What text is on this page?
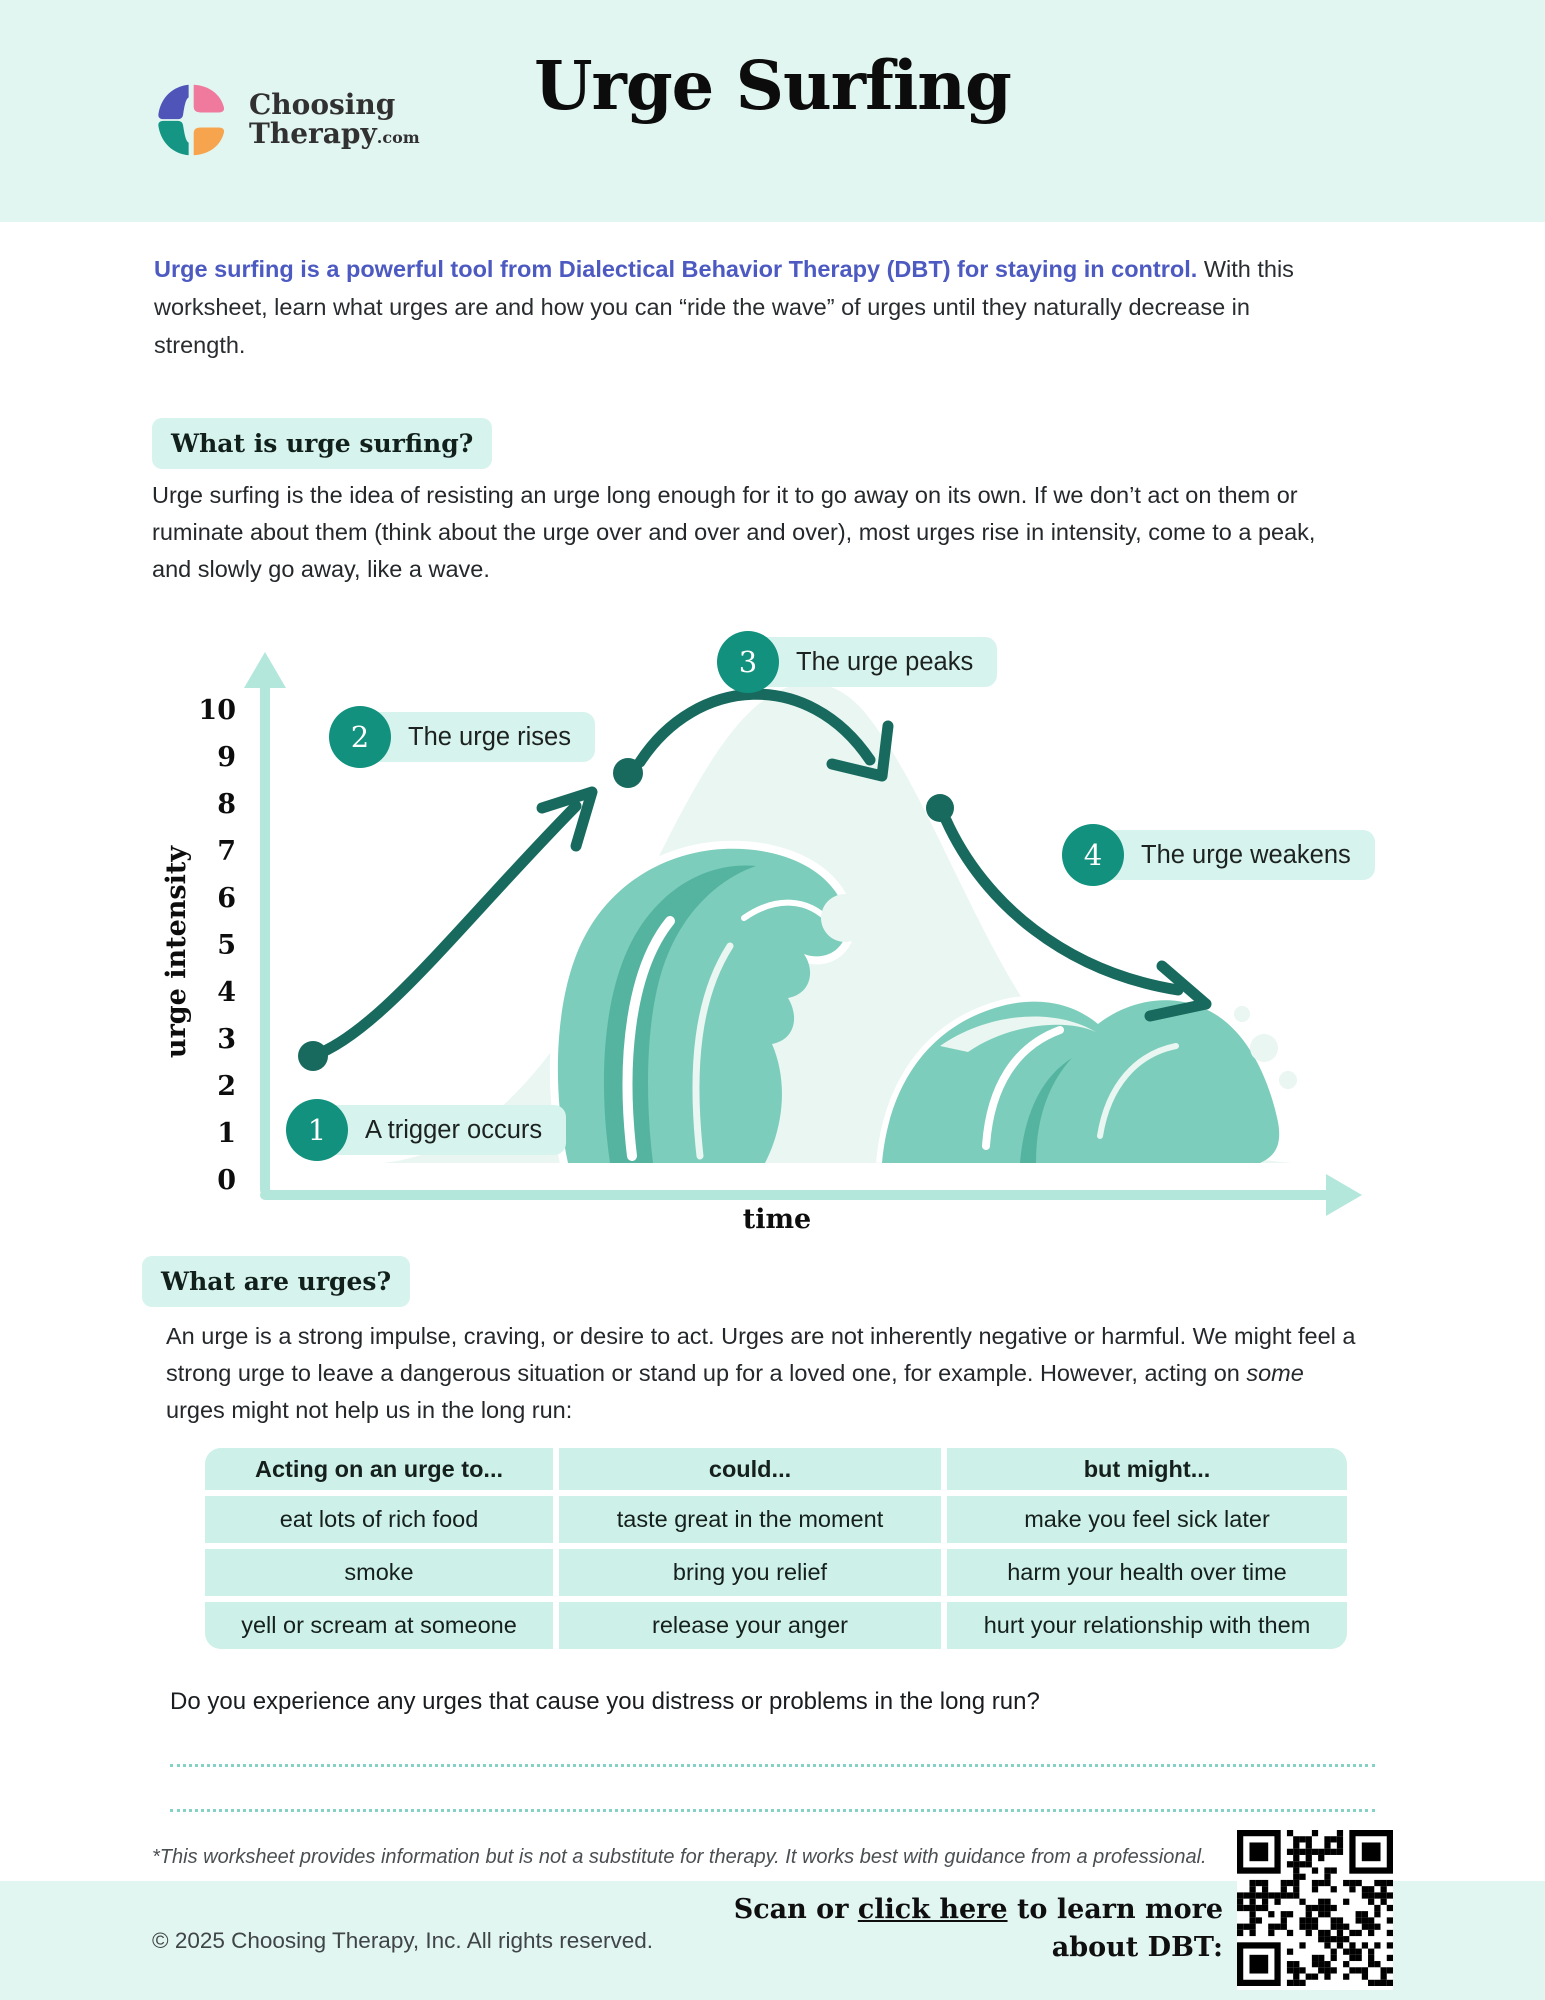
Choosing
Therapy.com
Urge Surfing

Urge surfing is a powerful tool from Dialectical Behavior Therapy (DBT) for staying in control. With this worksheet, learn what urges are and how you can “ride the wave” of urges until they naturally decrease in strength.

What is urge surfing?

Urge surfing is the idea of resisting an urge long enough for it to go away on its own. If we don’t act on them or ruminate about them (think about the urge over and over and over), most urges rise in intensity, come to a peak, and slowly go away, like a wave.

urge intensity
time
10
9
8
7
6
5
4
3
2
1
0
1	A trigger occurs
2	The urge rises
3	The urge peaks
4	The urge weakens
What are urges?

An urge is a strong impulse, craving, or desire to act. Urges are not inherently negative or harmful. We might feel a strong urge to leave a dangerous situation or stand up for a loved one, for example. However, acting on some urges might not help us in the long run:

Acting on an urge to...	could...	but might...
eat lots of rich food	taste great in the moment	make you feel sick later
smoke	bring you relief	harm your health over time
yell or scream at someone	release your anger	hurt your relationship with them

Do you experience any urges that cause you distress or problems in the long run?

*This worksheet provides information but is not a substitute for therapy. It works best with guidance from a professional.

© 2025 Choosing Therapy, Inc. All rights reserved.
Scan or click here to learn more
about DBT:
